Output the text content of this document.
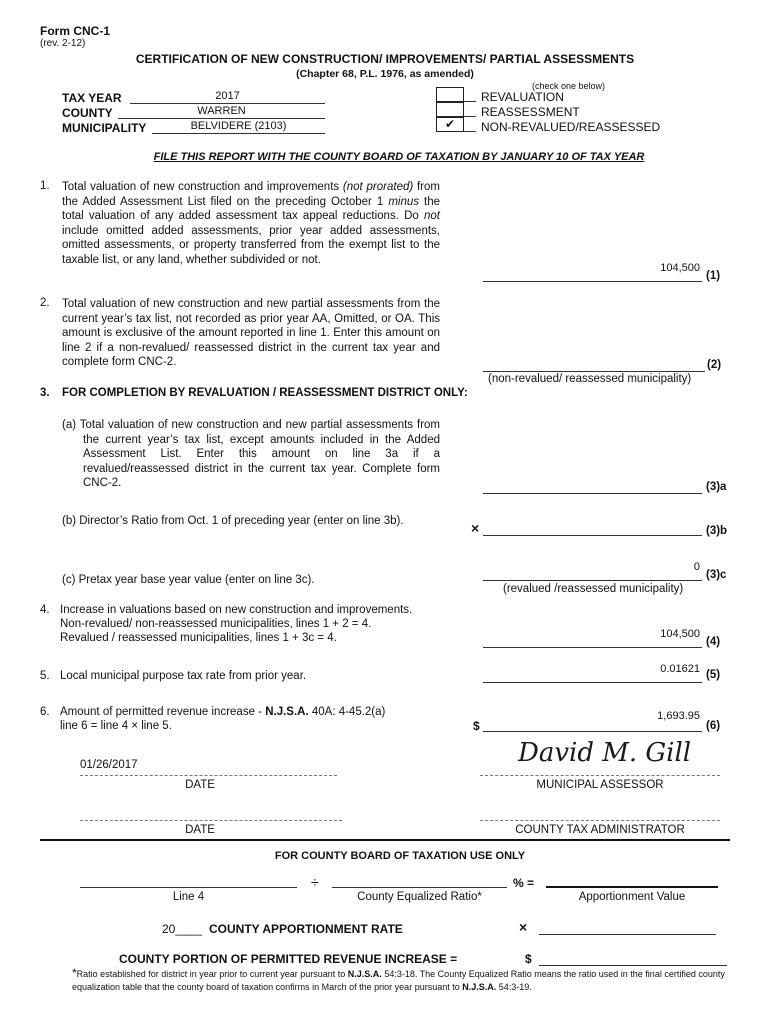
Form CNC-1
(rev. 2-12)
CERTIFICATION OF NEW CONSTRUCTION/ IMPROVEMENTS/ PARTIAL ASSESSMENTS
(Chapter 68, P.L. 1976, as amended)
(check one below)
TAX YEAR	2017
COUNTY	WARREN
MUNICIPALITY	BELVIDERE (2103)
REVALUATION
REASSESSMENT
✔	NON-REVALUED/REASSESSED
FILE THIS REPORT WITH THE COUNTY BOARD OF TAXATION BY JANUARY 10 OF TAX YEAR
1. Total valuation of new construction and improvements (not prorated) from the Added Assessment List filed on the preceding October 1 minus the total valuation of any added assessment tax appeal reductions. Do not include omitted added assessments, prior year added assessments, omitted assessments, or property transferred from the exempt list to the taxable list, or any land, whether subdivided or not.
104,500
(1)
2. Total valuation of new construction and new partial assessments from the current year’s tax list, not recorded as prior year AA, Omitted, or OA. This amount is exclusive of the amount reported in line 1. Enter this amount on line 2 if a non-revalued/ reassessed district in the current tax year and complete form CNC-2.	(2)
(non-revalued/ reassessed municipality)
3. FOR COMPLETION BY REVALUATION / REASSESSMENT DISTRICT ONLY:
(a) Total valuation of new construction and new partial assessments from the current year’s tax list, except amounts included in the Added Assessment List. Enter this amount on line 3a if a revalued/reassessed district in the current tax year. Complete form CNC-2.	(3)a
(b) Director’s Ratio from Oct. 1 of preceding year (enter on line 3b).	×	(3)b
(c) Pretax year base year value (enter on line 3c).
0
(3)c
(revalued /reassessed municipality)
4. Increase in valuations based on new construction and improvements.
Non-revalued/ non-reassessed municipalities, lines 1 + 2 = 4.
Revalued / reassessed municipalities, lines 1 + 3c = 4.	104,500
(4)
5. Local municipal purpose tax rate from prior year.
0.01621 (5)
6. Amount of permitted revenue increase - N.J.S.A. 40A: 4-45.2(a)
line 6 = line 4 × line 5.	$
1,693.95
(6)
01/26/2017
DATE
David M. Gill
MUNICIPAL ASSESSOR
DATE	COUNTY TAX ADMINISTRATOR
FOR COUNTY BOARD OF TAXATION USE ONLY
Line 4
÷
County Equalized Ratio*
% =
Apportionment Value
20____ COUNTY APPORTIONMENT RATE	×
COUNTY PORTION OF PERMITTED REVENUE INCREASE =	$
*Ratio established for district in year prior to current year pursuant to N.J.S.A. 54:3-18. The County Equalized Ratio means the ratio used in the final certified county equalization table that the county board of taxation confirms in March of the prior year pursuant to N.J.S.A. 54:3-19.
